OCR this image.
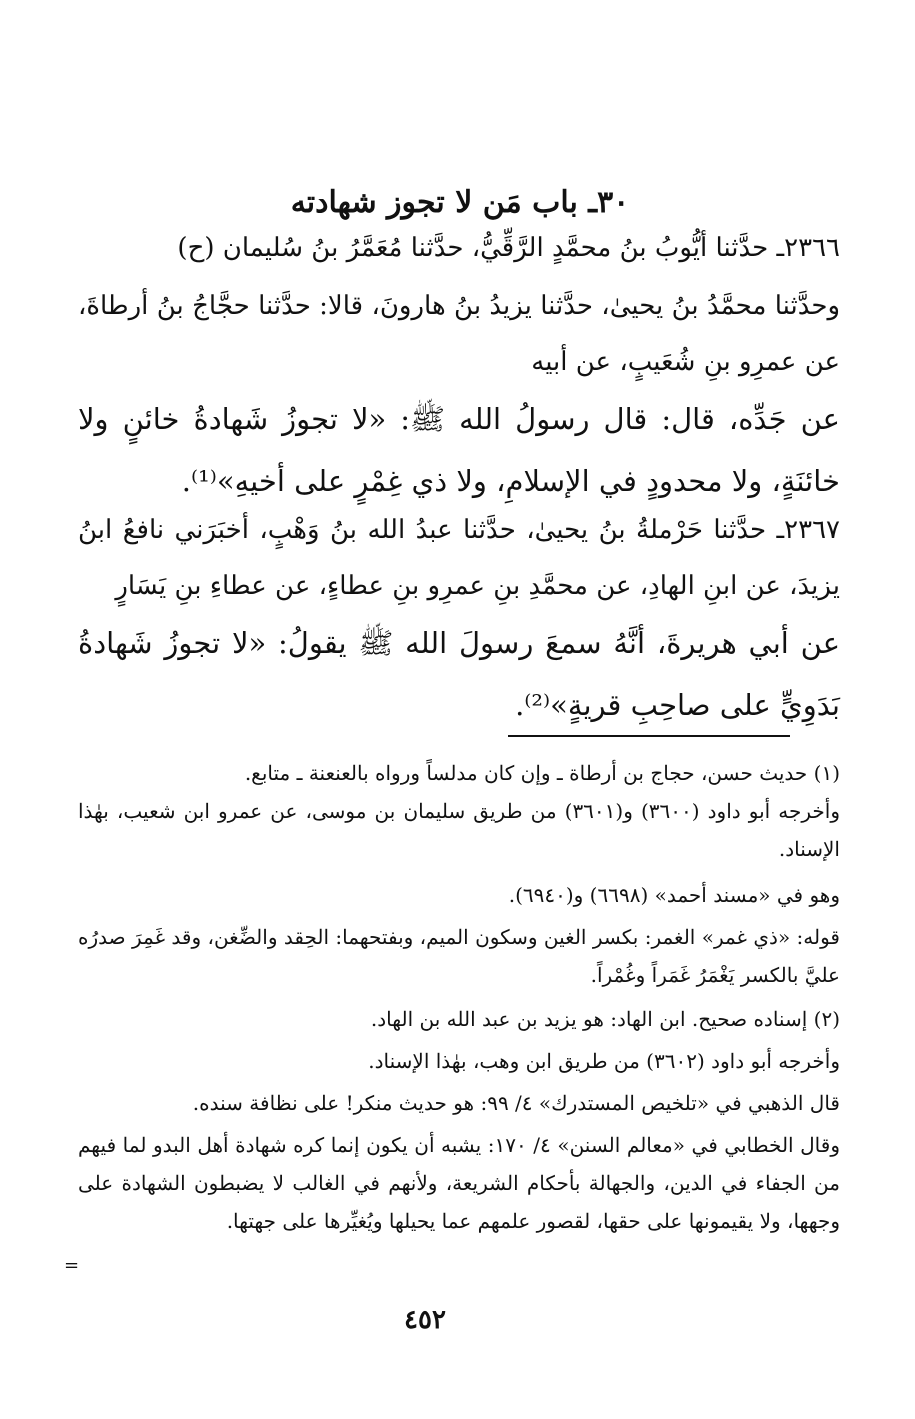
٣٠ـ باب مَن لا تجوز شهادته

٢٣٦٦ـ حدَّثنا أيُّوبُ بنُ محمَّدٍ الرَّقِّيُّ، حدَّثنا مُعَمَّرُ بنُ سُليمان (ح)

وحدَّثنا محمَّدُ بنُ يحيىٰ، حدَّثنا يزيدُ بنُ هارونَ، قالا: حدَّثنا حجَّاجُ بنُ أرطاةَ، عن عمرِو بنِ شُعَيبٍ، عن أبيه

عن جَدِّه، قال: قال رسولُ الله ﷺ: «لا تجوزُ شَهادةُ خائنٍ ولا خائنَةٍ، ولا محدودٍ في الإسلامِ، ولا ذي غِمْرٍ على أخيهِ»⁽¹⁾.

٢٣٦٧ـ حدَّثنا حَرْملةُ بنُ يحيىٰ، حدَّثنا عبدُ الله بنُ وَهْبٍ، أخبَرَني نافعُ ابنُ يزيدَ، عن ابنِ الهادِ، عن محمَّدِ بنِ عمرِو بنِ عطاءٍ، عن عطاءِ بنِ يَسَارٍ

عن أبي هريرةَ، أنَّهُ سمعَ رسولَ الله ﷺ يقولُ: «لا تجوزُ شَهادةُ بَدَوِيٍّ على صاحِبِ قريةٍ»⁽²⁾.

(١) حديث حسن، حجاج بن أرطاة ـ وإن كان مدلساً ورواه بالعنعنة ـ متابع.

وأخرجه أبو داود (٣٦٠٠) و(٣٦٠١) من طريق سليمان بن موسى، عن عمرو ابن شعيب، بهٰذا الإسناد.

وهو في «مسند أحمد» (٦٦٩٨) و(٦٩٤٠).

قوله: «ذي غمر» الغمر: بكسر الغين وسكون الميم، وبفتحهما: الحِقد والضِّغن، وقد غَمِرَ صدرُه عليَّ بالكسر يَغْمَرُ غَمَراً وغُمْراً.

(٢) إسناده صحيح. ابن الهاد: هو يزيد بن عبد الله بن الهاد.

وأخرجه أبو داود (٣٦٠٢) من طريق ابن وهب، بهٰذا الإسناد.

قال الذهبي في «تلخيص المستدرك» ٤/ ٩٩: هو حديث منكر! على نظافة سنده.

وقال الخطابي في «معالم السنن» ٤/ ١٧٠: يشبه أن يكون إنما كره شهادة أهل البدو لما فيهم من الجفاء في الدين، والجهالة بأحكام الشريعة، ولأنهم في الغالب لا يضبطون الشهادة على وجهها، ولا يقيمونها على حقها، لقصور علمهم عما يحيلها ويُغيِّرها على جهتها.

=
٤٥٢
